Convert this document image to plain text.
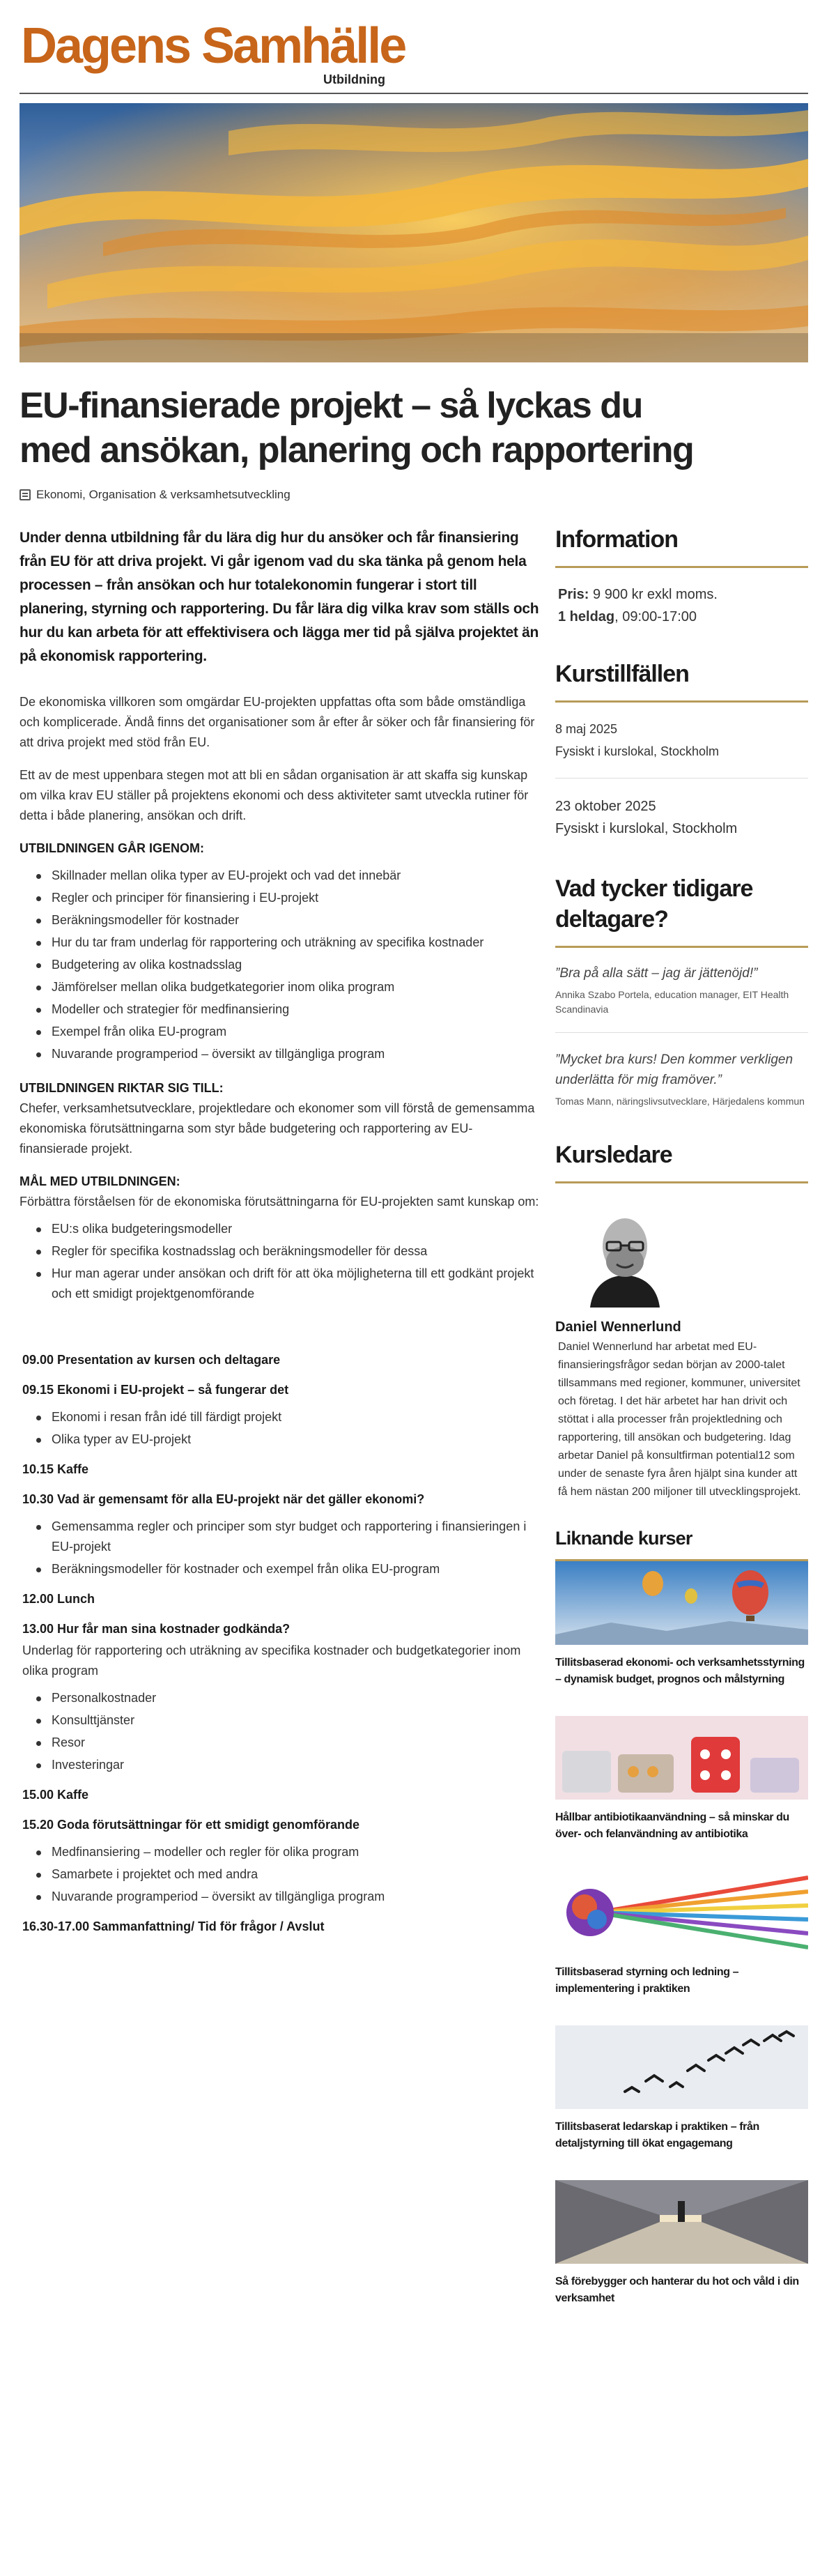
Dagens Samhälle
Utbildning
EU-finansierade projekt – så lyckas du med ansökan, planering och rapportering
Ekonomi, Organisation & verksamhetsutveckling
Under denna utbildning får du lära dig hur du ansöker och får finansiering från EU för att driva projekt. Vi går igenom vad du ska tänka på genom hela processen – från ansökan och hur totalekonomin fungerar i stort till planering, styrning och rapportering. Du får lära dig vilka krav som ställs och hur du kan arbeta för att effektivisera och lägga mer tid på själva projektet än på ekonomisk rapportering.

De ekonomiska villkoren som omgärdar EU-projekten uppfattas ofta som både omständliga och komplicerade. Ändå finns det organisationer som år efter år söker och får finansiering för att driva projekt med stöd från EU.

Ett av de mest uppenbara stegen mot att bli en sådan organisation är att skaffa sig kunskap om vilka krav EU ställer på projektens ekonomi och dess aktiviteter samt utveckla rutiner för detta i både planering, ansökan och drift.

UTBILDNINGEN GÅR IGENOM:
Skillnader mellan olika typer av EU-projekt och vad det innebär
Regler och principer för finansiering i EU-projekt
Beräkningsmodeller för kostnader
Hur du tar fram underlag för rapportering och uträkning av specifika kostnader
Budgetering av olika kostnadsslag
Jämförelser mellan olika budgetkategorier inom olika program
Modeller och strategier för medfinansiering
Exempel från olika EU-program
Nuvarande programperiod – översikt av tillgängliga program
UTBILDNINGEN RIKTAR SIG TILL:

Chefer, verksamhetsutvecklare, projektledare och ekonomer som vill förstå de gemensamma ekonomiska förutsättningarna som styr både budgetering och rapportering av EU-finansierade projekt.

MÅL MED UTBILDNINGEN:

Förbättra förståelsen för de ekonomiska förutsättningarna för EU-projekten samt kunskap om:

EU:s olika budgeteringsmodeller
Regler för specifika kostnadsslag och beräkningsmodeller för dessa
Hur man agerar under ansökan och drift för att öka möjligheterna till ett godkänt projekt och ett smidigt projektgenomförande
09.00 Presentation av kursen och deltagare
09.15 Ekonomi i EU-projekt – så fungerar det
Ekonomi i resan från idé till färdigt projekt
Olika typer av EU-projekt
10.15 Kaffe
10.30 Vad är gemensamt för alla EU-projekt när det gäller ekonomi?
Gemensamma regler och principer som styr budget och rapportering i finansieringen i EU-projekt
Beräkningsmodeller för kostnader och exempel från olika EU-program
12.00 Lunch
13.00 Hur får man sina kostnader godkända?
Underlag för rapportering och uträkning av specifika kostnader och budgetkategorier inom olika program
Personalkostnader
Konsulttjänster
Resor
Investeringar
15.00 Kaffe
15.20 Goda förutsättningar för ett smidigt genomförande
Medfinansiering – modeller och regler för olika program
Samarbete i projektet och med andra
Nuvarande programperiod – översikt av tillgängliga program
16.30-17.00 Sammanfattning/ Tid för frågor / Avslut
Information
Pris: 9 900 kr exkl moms.
1 heldag, 09:00-17:00
Kurstillfällen
8 maj 2025
Fysiskt i kurslokal, Stockholm
23 oktober 2025
Fysiskt i kurslokal, Stockholm
Vad tycker tidigare deltagare?
”Bra på alla sätt – jag är jättenöjd!”
Annika Szabo Portela, education manager, EIT Health Scandinavia
”Mycket bra kurs! Den kommer verkligen underlätta för mig framöver.”
Tomas Mann, näringslivsutvecklare, Härjedalens kommun
Kursledare
Daniel Wennerlund
Daniel Wennerlund har arbetat med EU-finansieringsfrågor sedan början av 2000-talet tillsammans med regioner, kommuner, universitet och företag. I det här arbetet har han drivit och stöttat i alla processer från projektledning och rapportering, till ansökan och budgetering. Idag arbetar Daniel på konsultfirman potential12 som under de senaste fyra åren hjälpt sina kunder att få hem nästan 200 miljoner till utvecklingsprojekt.
Liknande kurser
Tillitsbaserad ekonomi- och verksamhetsstyrning – dynamisk budget, prognos och målstyrning
Hållbar antibiotikaanvändning – så minskar du över- och felanvändning av antibiotika
Tillitsbaserad styrning och ledning – implementering i praktiken
Tillitsbaserat ledarskap i praktiken – från detaljstyrning till ökat engagemang
Så förebygger och hanterar du hot och våld i din verksamhet
